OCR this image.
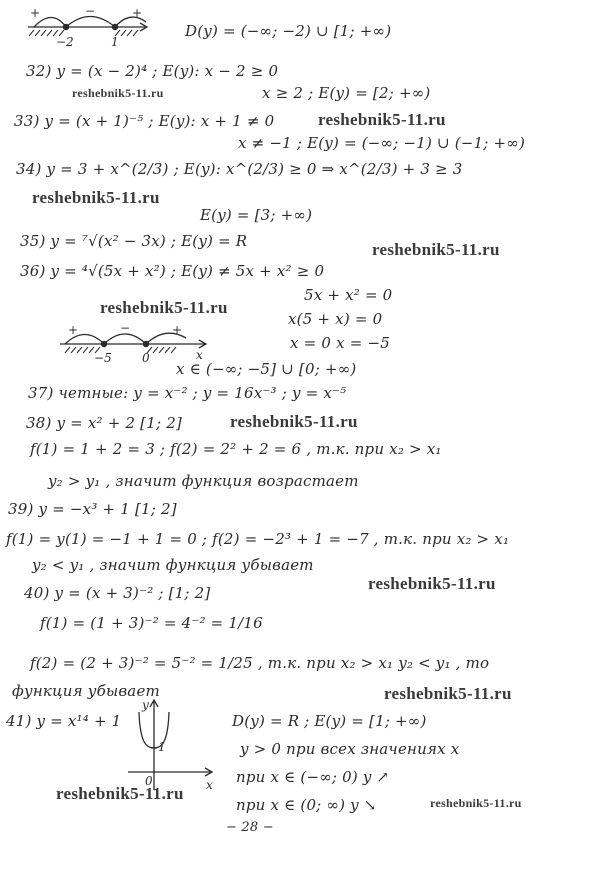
+	−	+
−2	1
+	−	+
−5	0	x
y
x
0
1
D(y) = (−∞; −2) ∪ [1; +∞)
32) y = (x − 2)⁴ ; E(y): x − 2 ≥ 0
x ≥ 2 ; E(y) = [2; +∞)
33) y = (x + 1)⁻⁵ ; E(y): x + 1 ≠ 0
x ≠ −1 ; E(y) = (−∞; −1) ∪ (−1; +∞)
34) y = 3 + x^(2/3) ; E(y): x^(2/3) ≥ 0 ⇒ x^(2/3) + 3 ≥ 3
E(y) = [3; +∞)
35) y = ⁷√(x² − 3x) ; E(y) = R
36) y = ⁴√(5x + x²) ; E(y) ≠ 5x + x² ≥ 0
5x + x² = 0
x(5 + x) = 0
x = 0 x = −5
x ∈ (−∞; −5] ∪ [0; +∞)
37) четные: y = x⁻² ; y = 16x⁻³ ; y = x⁻⁵
38) y = x² + 2 [1; 2]
f(1) = 1 + 2 = 3 ; f(2) = 2² + 2 = 6 , т.к. при x₂ > x₁
y₂ > y₁ , значит функция возрастает
39) y = −x³ + 1 [1; 2]
f(1) = y(1) = −1 + 1 = 0 ; f(2) = −2³ + 1 = −7 , т.к. при x₂ > x₁
y₂ < y₁ , значит функция убывает
40) y = (x + 3)⁻² ; [1; 2]
f(1) = (1 + 3)⁻² = 4⁻² = 1/16
f(2) = (2 + 3)⁻² = 5⁻² = 1/25 , т.к. при x₂ > x₁ y₂ < y₁ , то
функция убывает
41) y = x¹⁴ + 1	D(y) = R ; E(y) = [1; +∞)
y > 0 при всех значениях x
при x ∈ (−∞; 0) y ↗
при x ∈ (0; ∞) y ↘
− 28 −
reshebnik5-11.ru
reshebnik5-11.ru
reshebnik5-11.ru
reshebnik5-11.ru
reshebnik5-11.ru
reshebnik5-11.ru
reshebnik5-11.ru
reshebnik5-11.ru
reshebnik5-11.ru	reshebnik5-11.ru
